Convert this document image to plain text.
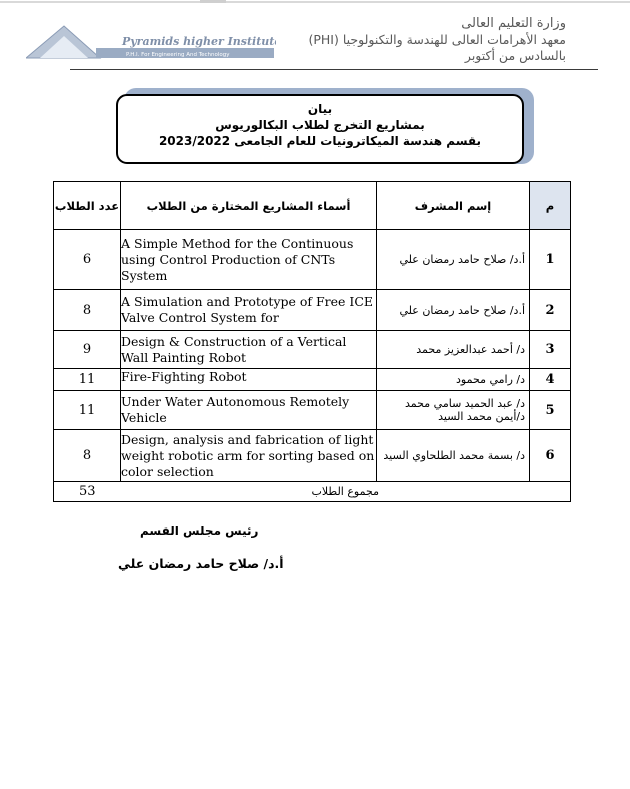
Pyramids higher Institute
P.H.I. For Engineering And Technology
وزارة التعليم العالى
معهد الأهرامات العالى للهندسة والتكنولوجيا (PHI)
بالسادس من أكتوبر
بيان
بمشاريع التخرج لطلاب البكالوريوس
بقسم هندسة الميكاترونيات للعام الجامعى 2023/2022
عدد الطلاب	أسماء المشاريع المختارة من الطلاب	إسم المشرف	م
6	A Simple Method for the Continuous using Control Production of CNTs System	أ.د/ صلاح حامد رمضان علي	1
8	A Simulation and Prototype of Free ICE Valve Control System for	أ.د/ صلاح حامد رمضان علي	2
9	Design & Construction of a Vertical Wall Painting Robot	د/ أحمد عبدالعزيز محمد	3
11	Fire-Fighting Robot	د/ رامي محمود	4
11	Under Water Autonomous Remotely Vehicle	د/ عبد الحميد سامي محمد
د/أيمن محمد السيد	5
8	Design, analysis and fabrication of light weight robotic arm for sorting based on color selection	د/ بسمة محمد الطلحاوي السيد	6
53	مجموع الطلاب		
رئيس مجلس القسم
أ.د/ صلاح حامد رمضان علي
